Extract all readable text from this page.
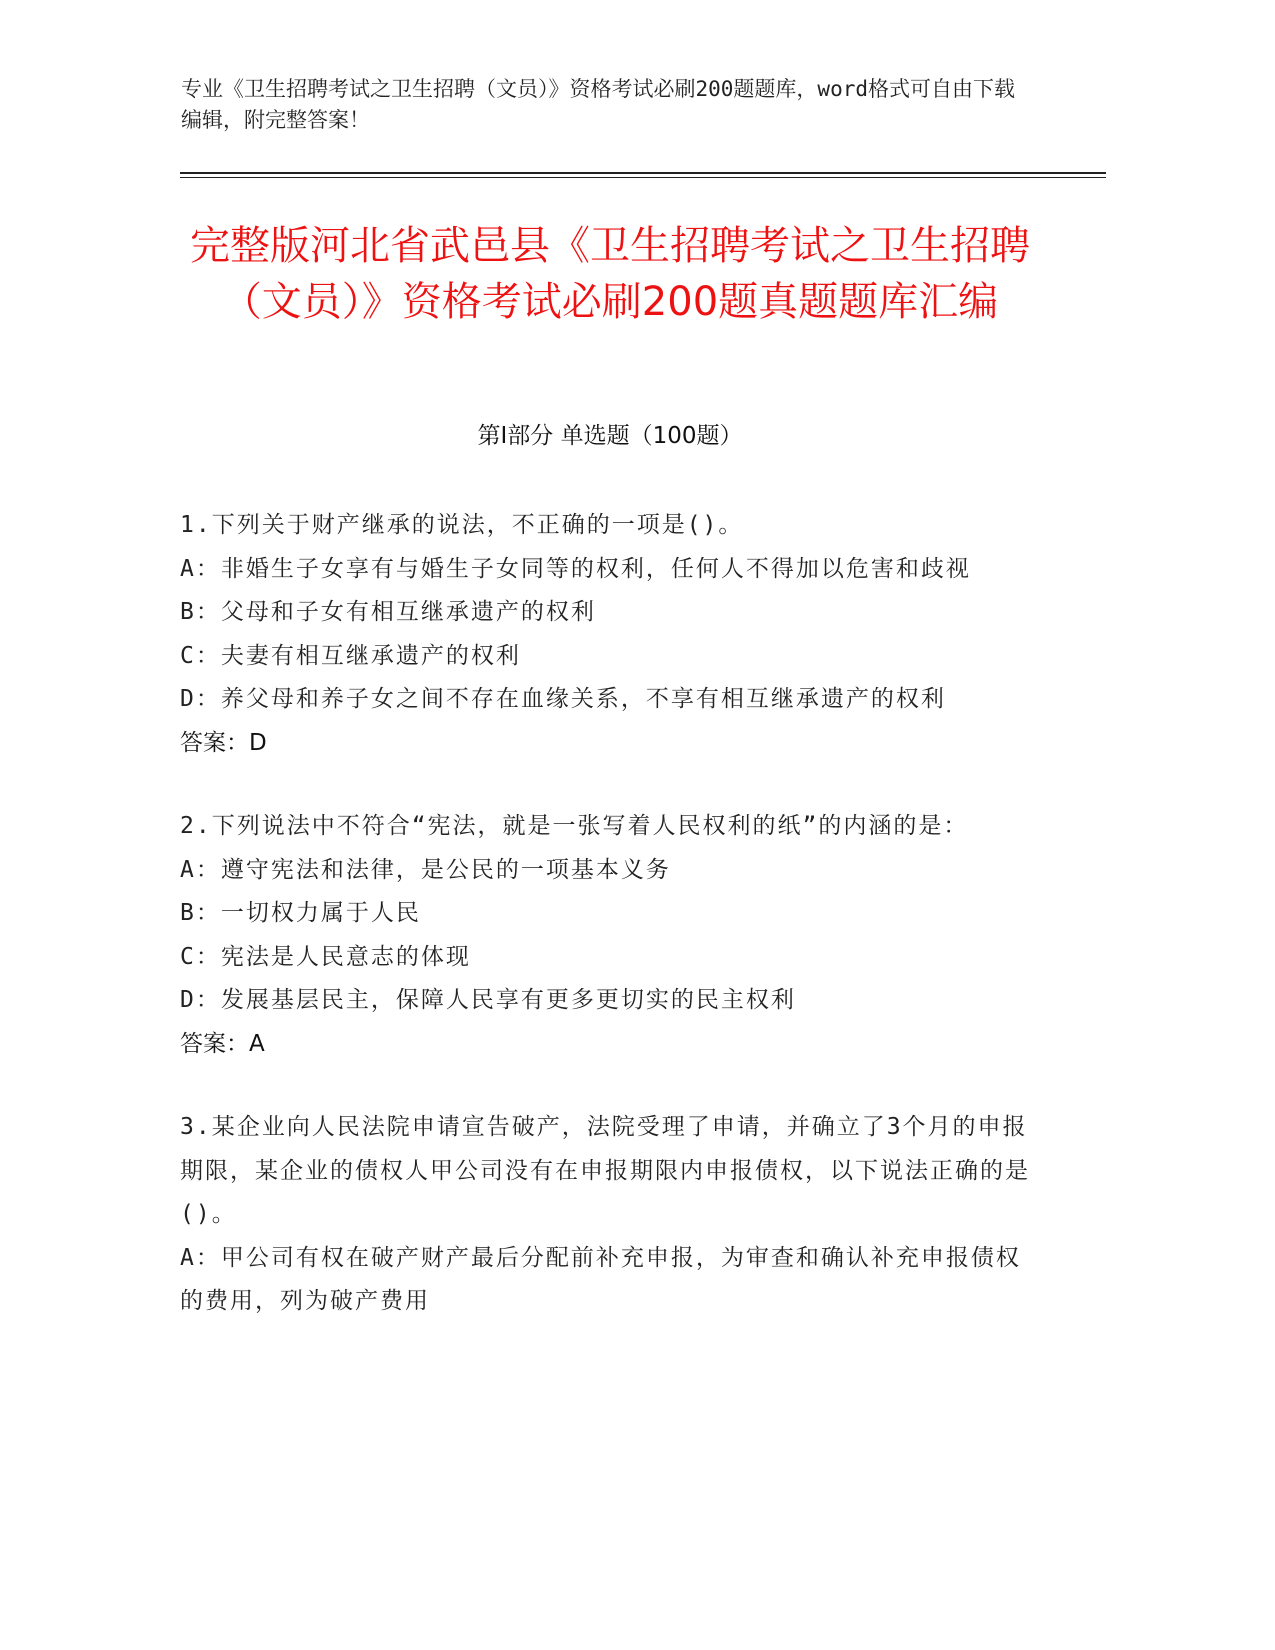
专业《卫生招聘考试之卫生招聘（文员）》资格考试必刷200题题库，word格式可自由下载编辑，附完整答案！
完整版河北省武邑县《卫生招聘考试之卫生招聘（文员）》资格考试必刷200题真题题库汇编
第Ⅰ部分 单选题（100题）
1.下列关于财产继承的说法，不正确的一项是()。
A：非婚生子女享有与婚生子女同等的权利，任何人不得加以危害和歧视
B：父母和子女有相互继承遗产的权利
C：夫妻有相互继承遗产的权利
D：养父母和养子女之间不存在血缘关系，不享有相互继承遗产的权利
答案：D
2.下列说法中不符合“宪法，就是一张写着人民权利的纸”的内涵的是：
A：遵守宪法和法律，是公民的一项基本义务
B：一切权力属于人民
C：宪法是人民意志的体现
D：发展基层民主，保障人民享有更多更切实的民主权利
答案：A
3.某企业向人民法院申请宣告破产，法院受理了申请，并确立了3个月的申报期限，某企业的债权人甲公司没有在申报期限内申报债权，以下说法正确的是()。
A：甲公司有权在破产财产最后分配前补充申报，为审查和确认补充申报债权的费用，列为破产费用
